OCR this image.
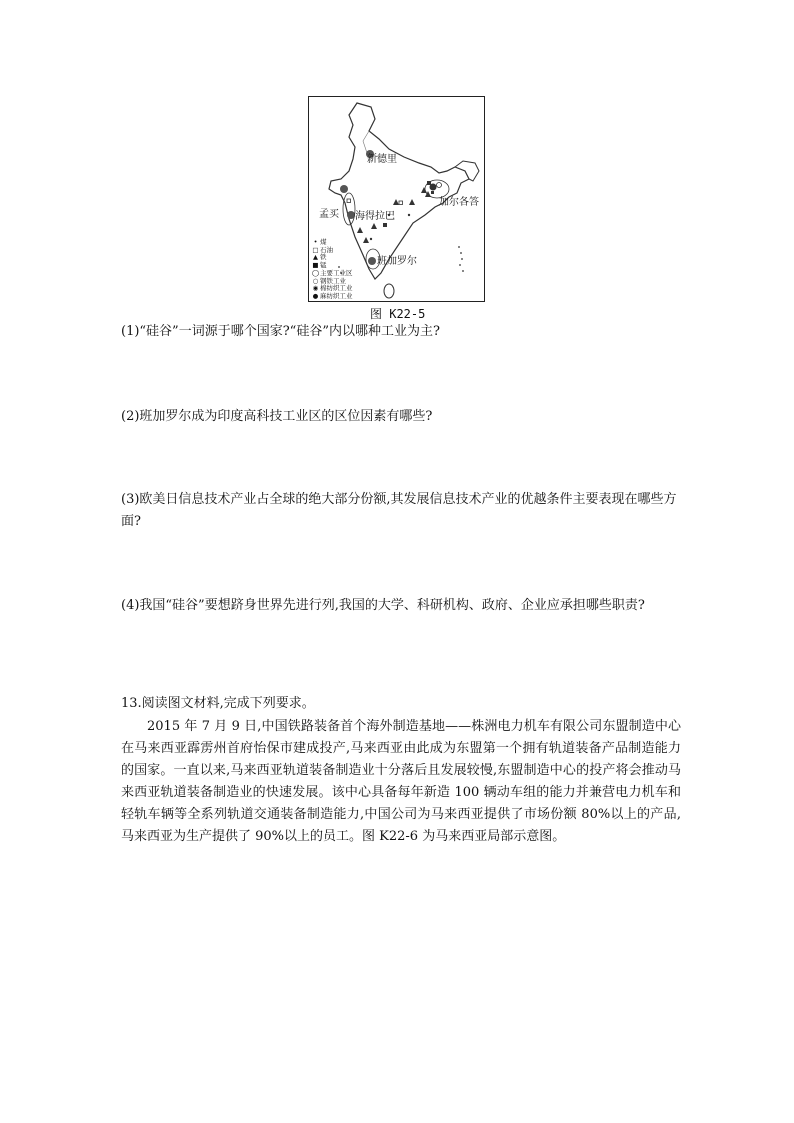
新德里
加尔各答
孟买 海得拉巴
班加罗尔
• 煤
□ 石油
▲ 铁
■ 锰
◯ 主要工业区
○ 钢铁工业
◉ 棉纺织工业
● 麻纺织工业
图 K22-5
(1)“硅谷”一词源于哪个国家?“硅谷”内以哪种工业为主?
(2)班加罗尔成为印度高科技工业区的区位因素有哪些?
(3)欧美日信息技术产业占全球的绝大部分份额,其发展信息技术产业的优越条件主要表现在哪些方面?
(4)我国“硅谷”要想跻身世界先进行列,我国的大学、科研机构、政府、企业应承担哪些职责?
13.阅读图文材料,完成下列要求。
2015 年 7 月 9 日,中国铁路装备首个海外制造基地——株洲电力机车有限公司东盟制造中心在马来西亚霹雳州首府怡保市建成投产,马来西亚由此成为东盟第一个拥有轨道装备产品制造能力的国家。一直以来,马来西亚轨道装备制造业十分落后且发展较慢,东盟制造中心的投产将会推动马来西亚轨道装备制造业的快速发展。该中心具备每年新造 100 辆动车组的能力并兼营电力机车和轻轨车辆等全系列轨道交通装备制造能力,中国公司为马来西亚提供了市场份额 80%以上的产品,马来西亚为生产提供了 90%以上的员工。图 K22-6 为马来西亚局部示意图。
